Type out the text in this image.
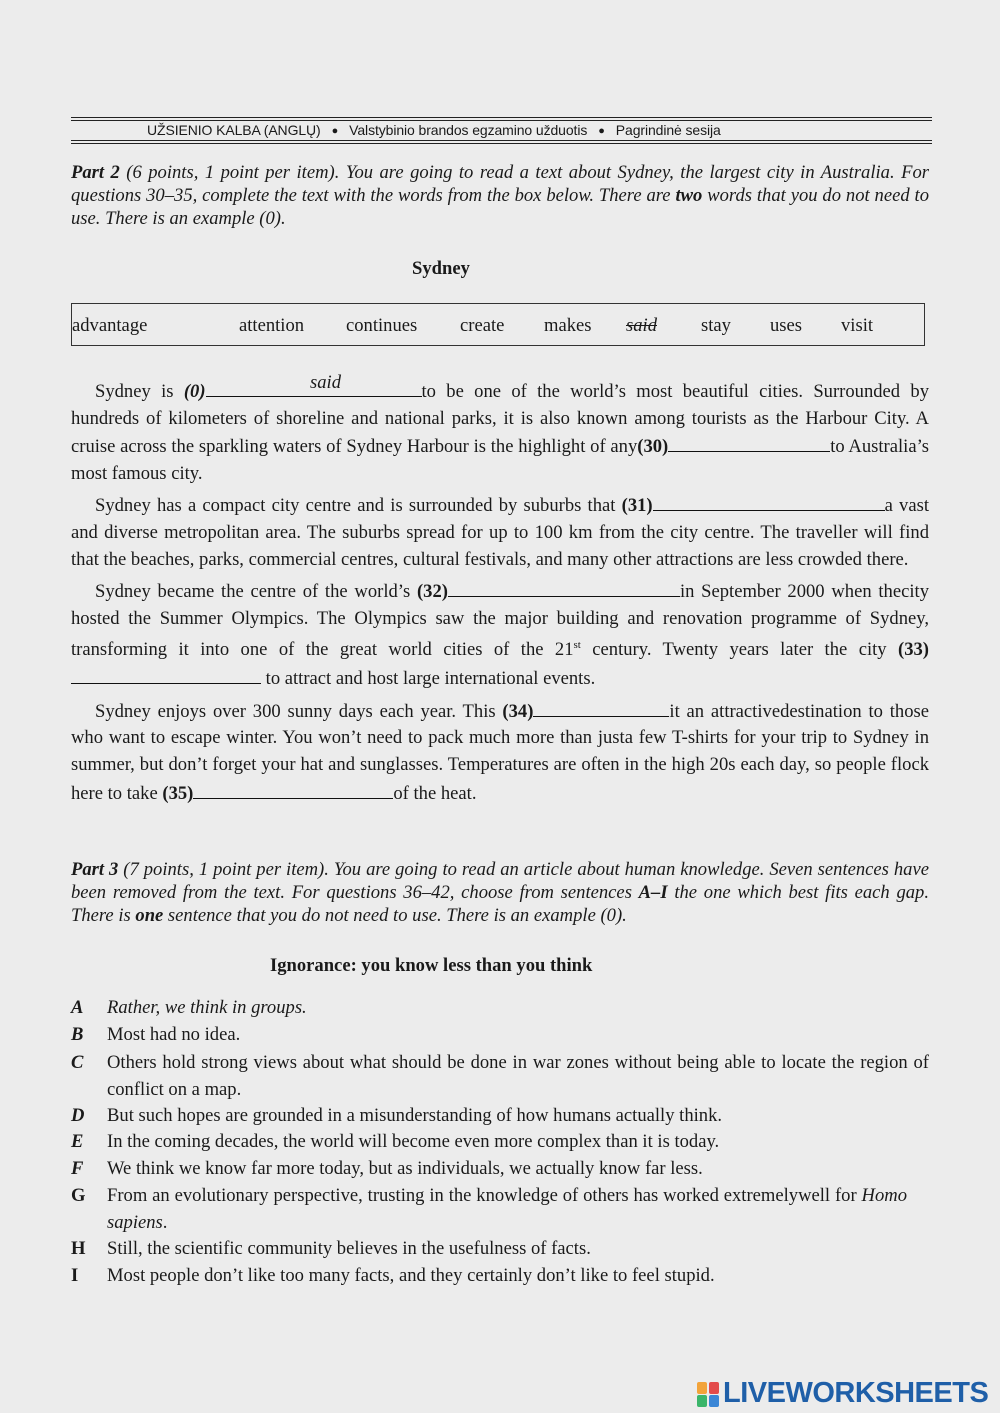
UŽSIENIO KALBA (ANGLŲ) ● Valstybinio brandos egzamino užduotis ● Pagrindinė sesija
Part 2 (6 points, 1 point per item). You are going to read a text about Sydney, the largest city in Australia. For questions 30–35, complete the text with the words from the box below. There are two words that you do not need to use. There is an example (0).
Sydney
advantage	attention continues create makes said stay uses visit

Sydney is (0)	said	to be one of the world’s most beautiful cities. Surrounded by hundreds of kilometers of shoreline and national parks, it is also known among tourists as the Harbour City. A cruise across the sparkling waters of Sydney Harbour is the highlight of any(30)	to Australia’s most famous city.

Sydney has a compact city centre and is surrounded by suburbs that (31)	a vast and diverse metropolitan area. The suburbs spread for up to 100 km from the city centre. The traveller will find that the beaches, parks, commercial centres, cultural festivals, and many other attractions are less crowded there.

Sydney became the centre of the world’s (32)	in September 2000 when thecity hosted the Summer Olympics. The Olympics saw the major building and renovation programme of Sydney, transforming it into one of the great world cities of the 21st century. Twenty years later the city (33)  to attract and host large international events.

Sydney enjoys over 300 sunny days each year. This (34)	it an attractivedestination to those who want to escape winter. You won’t need to pack much more than justa few T-shirts for your trip to Sydney in summer, but don’t forget your hat and sunglasses. Temperatures are often in the high 20s each day, so people flock here to take (35)	of the heat.

Part 3 (7 points, 1 point per item). You are going to read an article about human knowledge. Seven sentences have been removed from the text. For questions 36–42, choose from sentences A–I the one which best fits each gap. There is one sentence that you do not need to use. There is an example (0).
Ignorance: you know less than you think
A Rather, we think in groups.
B Most had no idea.
C Others hold strong views about what should be done in war zones without being able to locate the region of conflict on a map.
D But such hopes are grounded in a misunderstanding of how humans actually think.
E In the coming decades, the world will become even more complex than it is today.
F We think we know far more today, but as individuals, we actually know far less.
G From an evolutionary perspective, trusting in the knowledge of others has worked extremelywell for Homo sapiens.
H Still, the scientific community believes in the usefulness of facts.
I Most people don’t like too many facts, and they certainly don’t like to feel stupid.
LIVEWORKSHEETS
